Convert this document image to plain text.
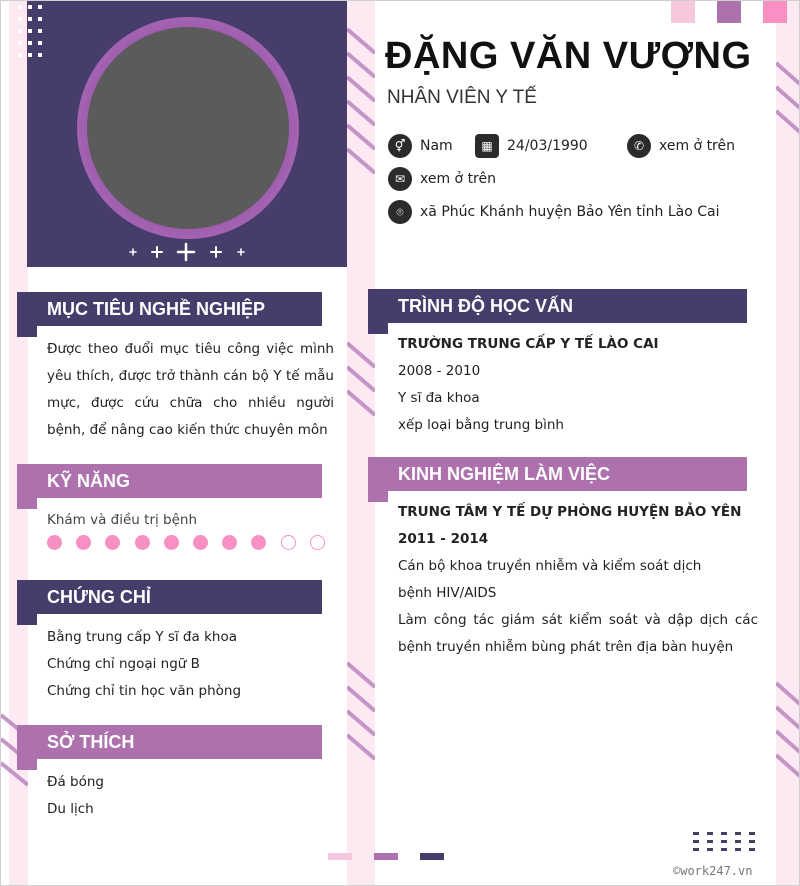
ĐẶNG VĂN VƯỢNG
NHÂN VIÊN Y TẾ
⚥	Nam	▦	24/03/1990	✆	xem ở trên
✉	xem ở trên
⌾	xã Phúc Khánh huyện Bảo Yên tỉnh Lào Cai
MỤC TIÊU NGHỀ NGHIỆP
Được theo đuổi mục tiêu công việc mình yêu thích, được trở thành cán bộ Y tế mẫu mực, được cứu chữa cho nhiều người bệnh, để nâng cao kiến thức chuyên môn
KỸ NĂNG
Khám và điều trị bệnh
CHỨNG CHỈ
Bằng trung cấp Y sĩ đa khoa
Chứng chỉ ngoại ngữ B
Chứng chỉ tin học văn phòng
SỞ THÍCH
Đá bóng
Du lịch
TRÌNH ĐỘ HỌC VẤN
TRƯỜNG TRUNG CẤP Y TẾ LÀO CAI
2008 - 2010
Y sĩ đa khoa
xếp loại bằng trung bình
KINH NGHIỆM LÀM VIỆC
TRUNG TÂM Y TẾ DỰ PHÒNG HUYỆN BẢO YÊN
2011 - 2014
Cán bộ khoa truyền nhiễm và kiểm soát dịch bệnh HIV/AIDS
Làm công tác giám sát kiểm soát và dập dịch các bệnh truyền nhiễm bùng phát trên địa bàn huyện
©work247.vn
